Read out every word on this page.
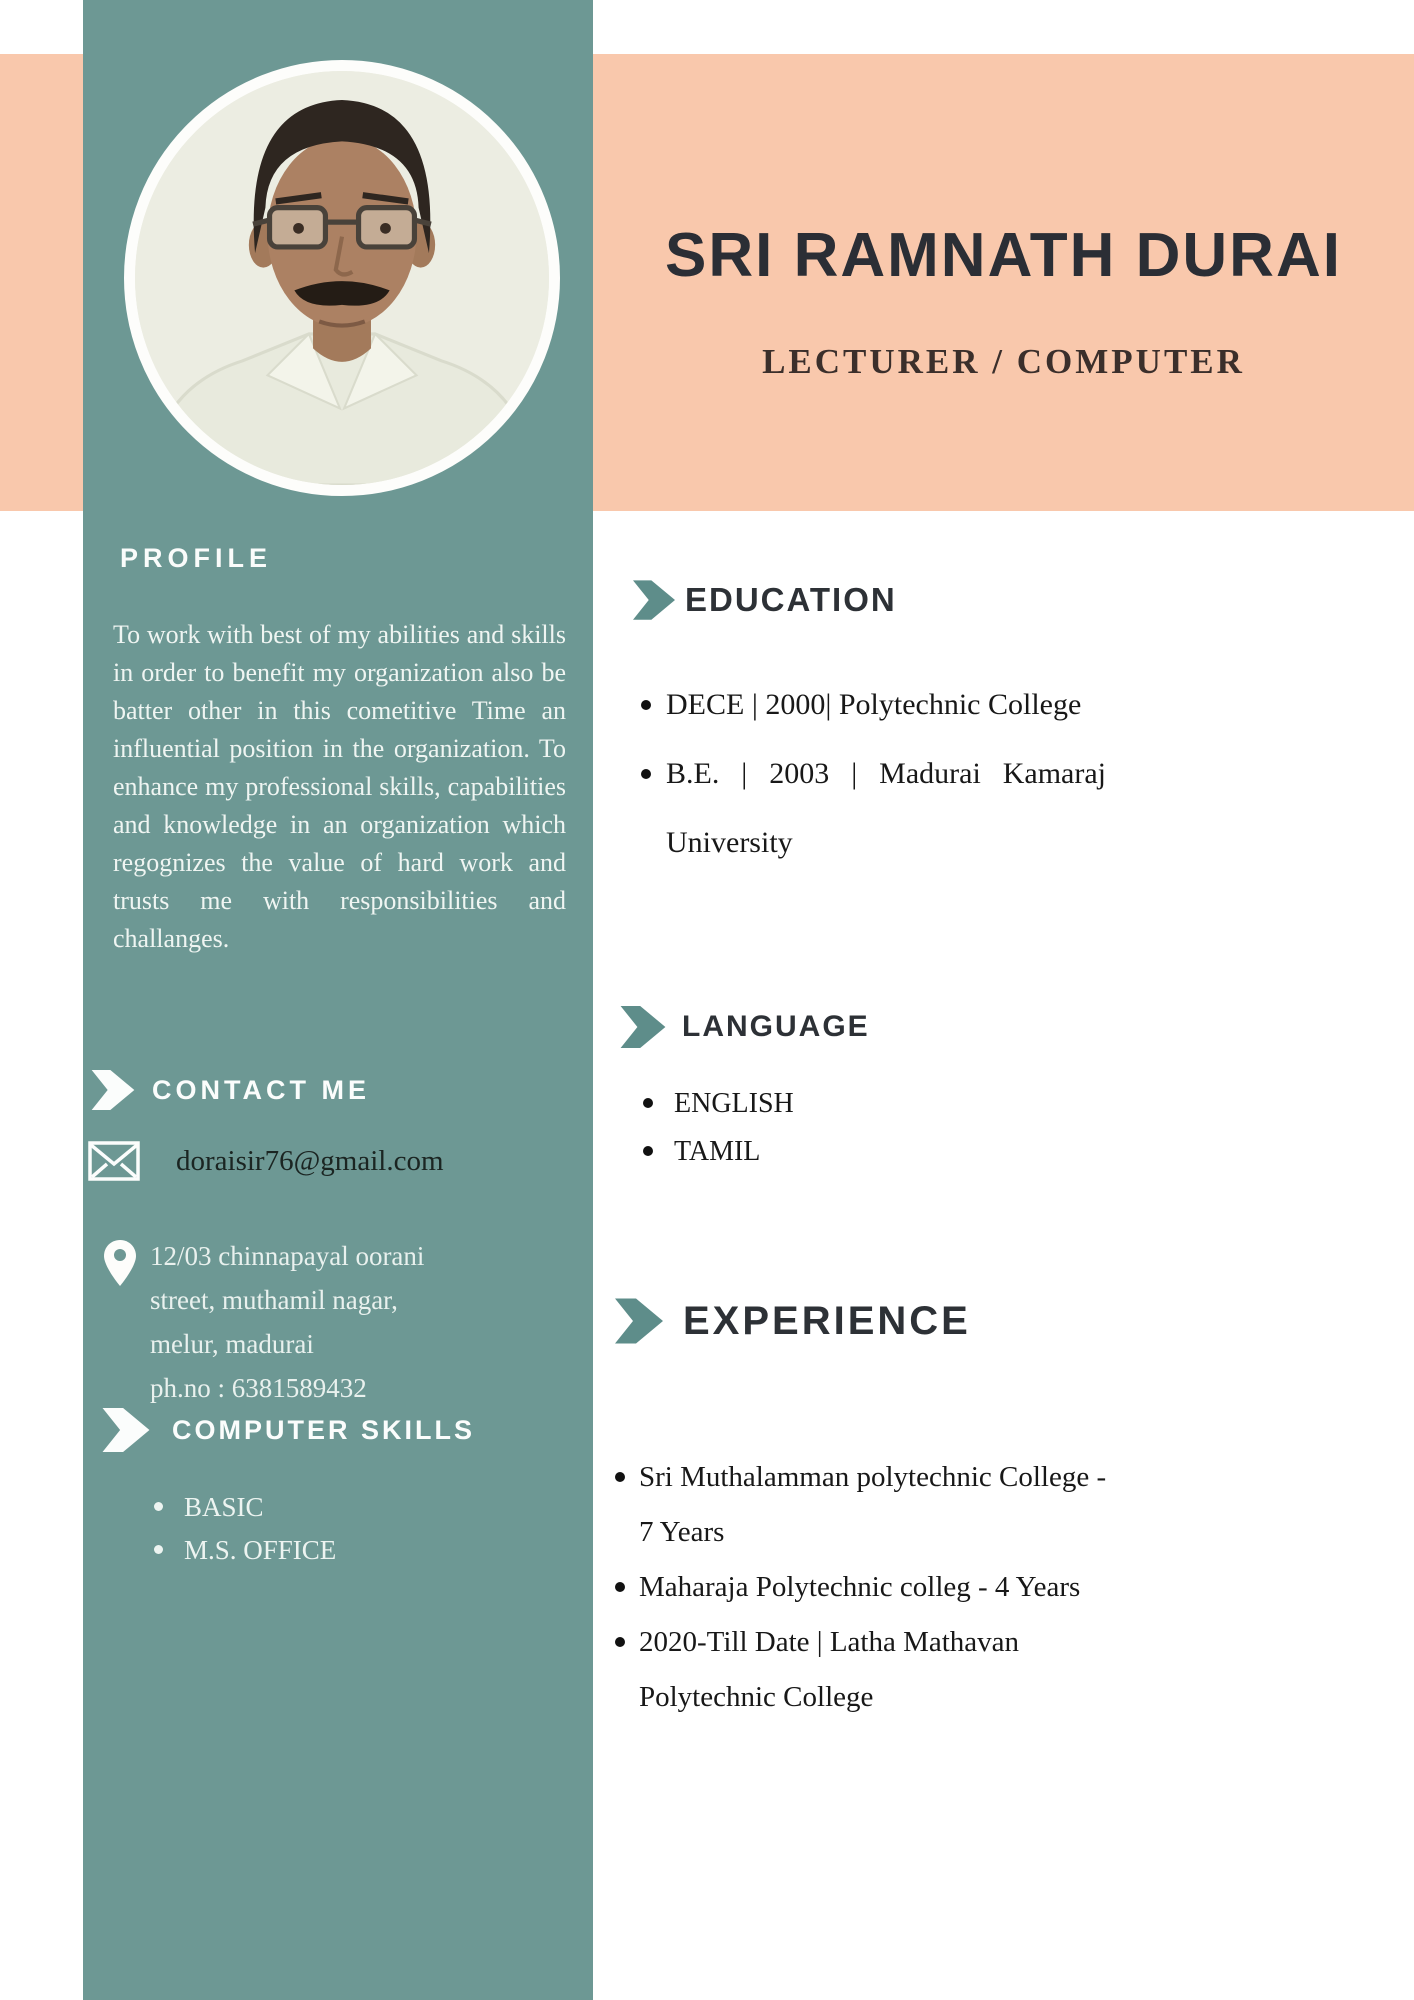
PROFILE
To work with best of my abilities and skills in order to benefit my organization also be batter other in this cometitive Time an influential position in the organization. To enhance my professional skills, capabilities and knowledge in an organization which regognizes the value of hard work and trusts me with responsibilities and challanges.
CONTACT ME
doraisir76@gmail.com
12/03 chinnapayal oorani
street, muthamil nagar,
melur, madurai
ph.no : 6381589432
COMPUTER SKILLS
BASIC
M.S. OFFICE
SRI RAMNATH DURAI
LECTURER / COMPUTER
EDUCATION
DECE | 2000| Polytechnic College
B.E. | 2003 | Madurai Kamaraj University
LANGUAGE
ENGLISH
TAMIL
EXPERIENCE
Sri Muthalamman polytechnic College - 7 Years
Maharaja Polytechnic colleg - 4 Years
2020-Till Date | Latha Mathavan Polytechnic College
